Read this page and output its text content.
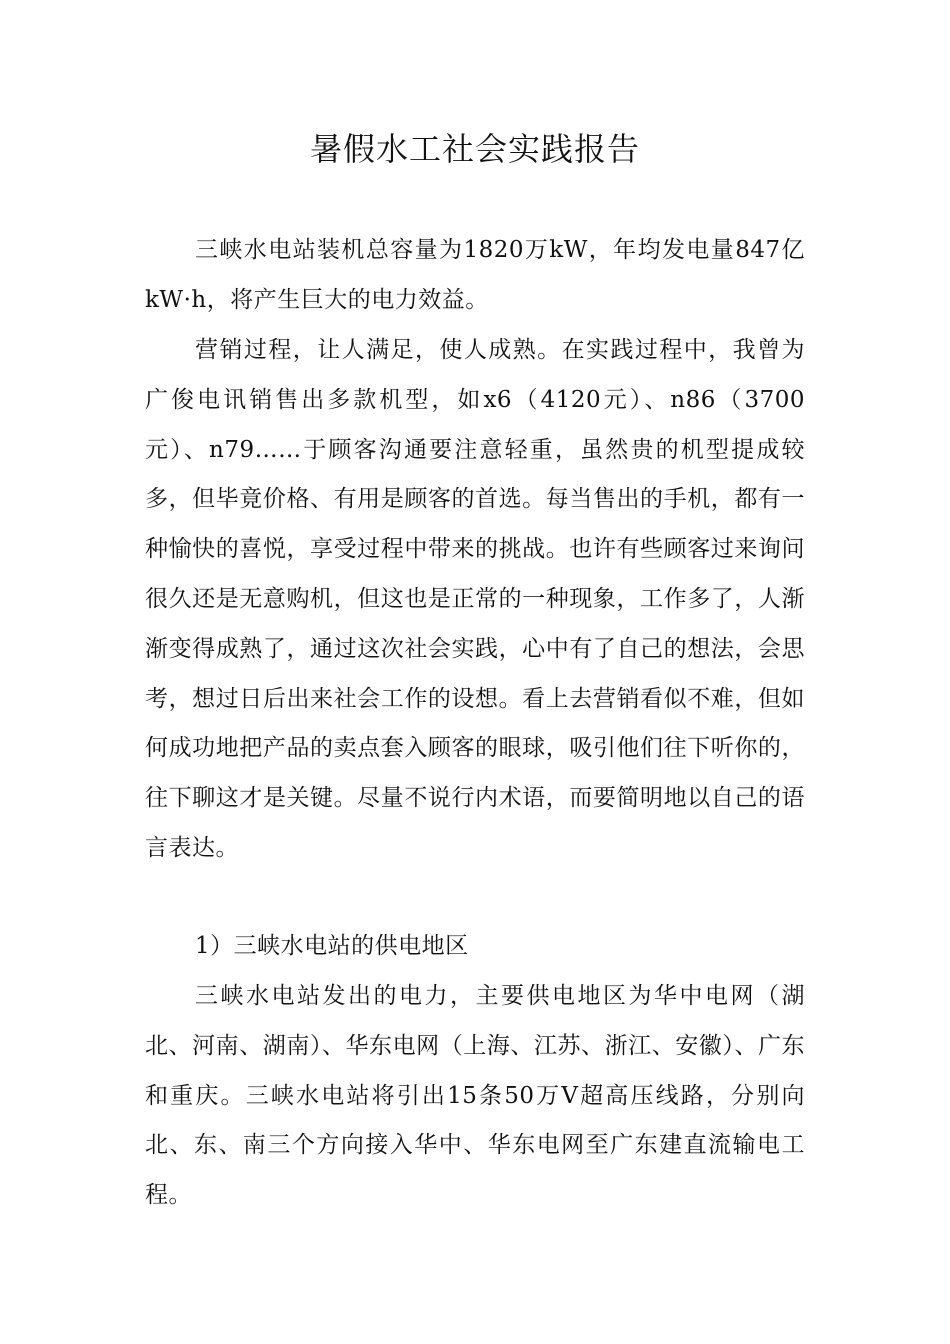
暑假水工社会实践报告

三峡水电站装机总容量为1820万kW，年均发电量847亿kW·h，将产生巨大的电力效益。

营销过程，让人满足，使人成熟。在实践过程中，我曾为广俊电讯销售出多款机型，如x6（4120元）、n86（3700元）、n79……于顾客沟通要注意轻重，虽然贵的机型提成较多，但毕竟价格、有用是顾客的首选。每当售出的手机，都有一种愉快的喜悦，享受过程中带来的挑战。也许有些顾客过来询问很久还是无意购机，但这也是正常的一种现象，工作多了，人渐渐变得成熟了，通过这次社会实践，心中有了自己的想法，会思考，想过日后出来社会工作的设想。看上去营销看似不难，但如何成功地把产品的卖点套入顾客的眼球，吸引他们往下听你的，往下聊这才是关键。尽量不说行内术语，而要简明地以自己的语言表达。

1）三峡水电站的供电地区

三峡水电站发出的电力，主要供电地区为华中电网（湖北、河南、湖南）、华东电网（上海、江苏、浙江、安徽）、广东和重庆。三峡水电站将引出15条50万V超高压线路，分别向北、东、南三个方向接入华中、华东电网至广东建直流输电工程。
